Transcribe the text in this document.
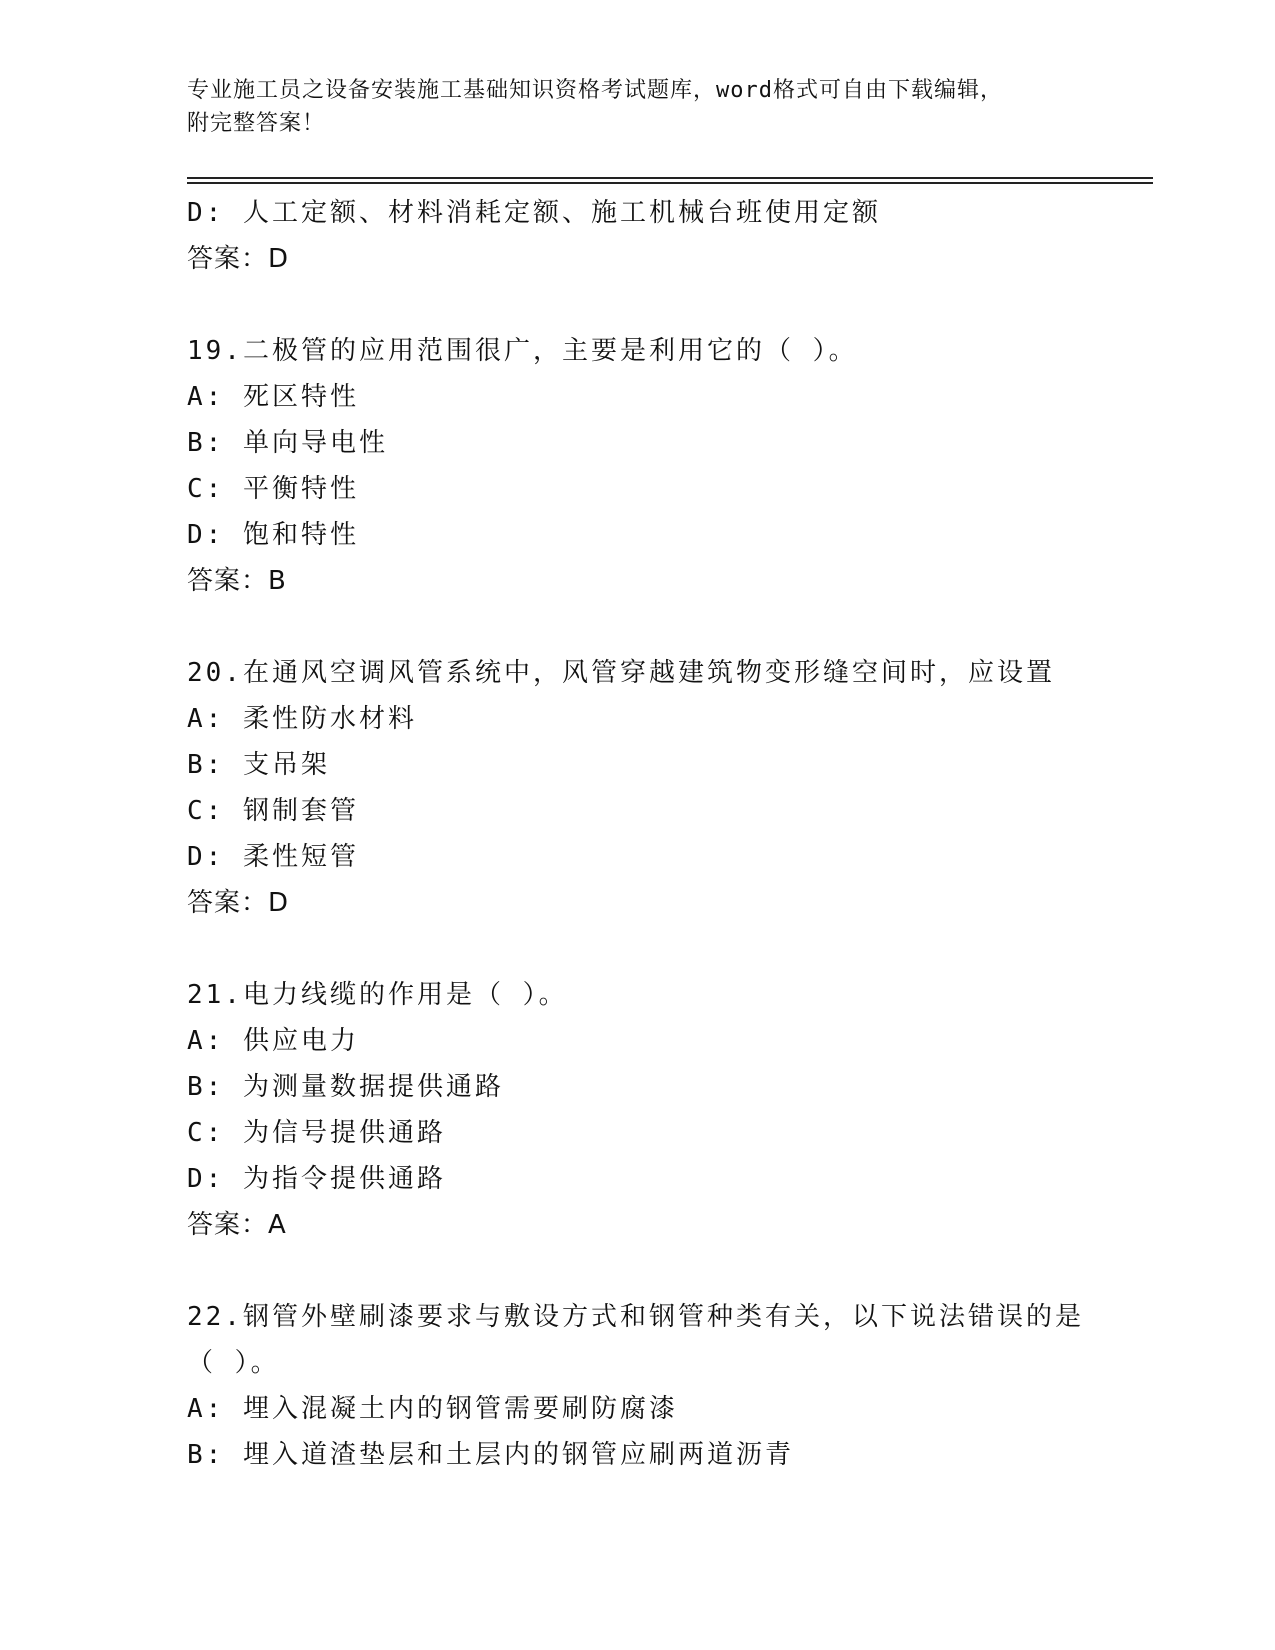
专业施工员之设备安装施工基础知识资格考试题库，word格式可自由下载编辑，
附完整答案！
D: 人工定额、材料消耗定额、施工机械台班使用定额
答案：D
19.二极管的应用范围很广，主要是利用它的（ ）。
A: 死区特性
B: 单向导电性
C: 平衡特性
D: 饱和特性
答案：B
20.在通风空调风管系统中，风管穿越建筑物变形缝空间时，应设置
A: 柔性防水材料
B: 支吊架
C: 钢制套管
D: 柔性短管
答案：D
21.电力线缆的作用是（ ）。
A: 供应电力
B: 为测量数据提供通路
C: 为信号提供通路
D: 为指令提供通路
答案：A
22.钢管外壁刷漆要求与敷设方式和钢管种类有关，以下说法错误的是
（ ）。
A: 埋入混凝土内的钢管需要刷防腐漆
B: 埋入道渣垫层和土层内的钢管应刷两道沥青
